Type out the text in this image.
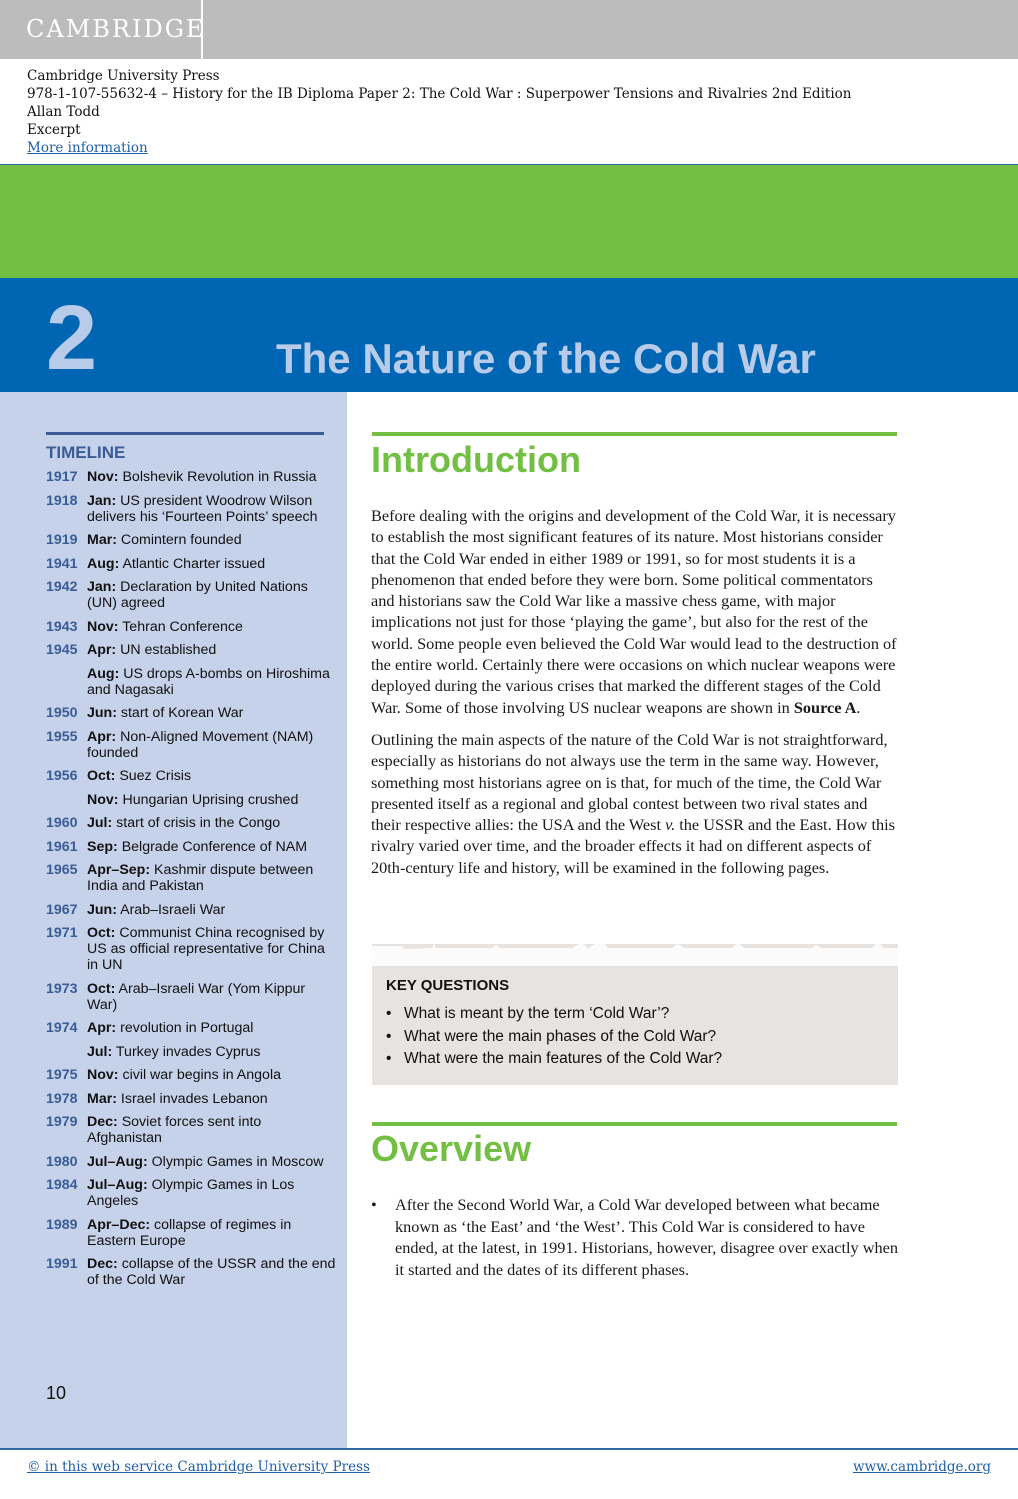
CAMBRIDGE
Cambridge University Press
978-1-107-55632-4 – History for the IB Diploma Paper 2: The Cold War : Superpower Tensions and Rivalries 2nd Edition
Allan Todd
Excerpt
More information
2	The Nature of the Cold War
TIMELINE
1917 Nov: Bolshevik Revolution in Russia
1918 Jan: US president Woodrow Wilson delivers his ‘Fourteen Points’ speech
1919 Mar: Comintern founded
1941 Aug: Atlantic Charter issued
1942 Jan: Declaration by United Nations (UN) agreed
1943 Nov: Tehran Conference
1945 Apr: UN established
Aug: US drops A-bombs on Hiroshima and Nagasaki
1950 Jun: start of Korean War
1955 Apr: Non-Aligned Movement (NAM) founded
1956 Oct: Suez Crisis
Nov: Hungarian Uprising crushed
1960 Jul: start of crisis in the Congo
1961 Sep: Belgrade Conference of NAM
1965 Apr–Sep: Kashmir dispute between India and Pakistan
1967 Jun: Arab–Israeli War
1971 Oct: Communist China recognised by US as official representative for China in UN
1973 Oct: Arab–Israeli War (Yom Kippur War)
1974 Apr: revolution in Portugal
Jul: Turkey invades Cyprus
1975 Nov: civil war begins in Angola
1978 Mar: Israel invades Lebanon
1979 Dec: Soviet forces sent into Afghanistan
1980 Jul–Aug: Olympic Games in Moscow
1984 Jul–Aug: Olympic Games in Los Angeles
1989 Apr–Dec: collapse of regimes in Eastern Europe
1991 Dec: collapse of the USSR and the end of the Cold War
10
Introduction

Before dealing with the origins and development of the Cold War, it is necessary to establish the most significant features of its nature. Most historians consider that the Cold War ended in either 1989 or 1991, so for most students it is a phenomenon that ended before they were born. Some political commentators and historians saw the Cold War like a massive chess game, with major implications not just for those ‘playing the game’, but also for the rest of the world. Some people even believed the Cold War would lead to the destruction of the entire world. Certainly there were occasions on which nuclear weapons were deployed during the various crises that marked the different stages of the Cold War. Some of those involving US nuclear weapons are shown in Source A.

Outlining the main aspects of the nature of the Cold War is not straightforward, especially as historians do not always use the term in the same way. However, something most historians agree on is that, for much of the time, the Cold War presented itself as a regional and global contest between two rival states and their respective allies: the USA and the West v. the USSR and the East. How this rivalry varied over time, and the broader effects it had on different aspects of 20th-century life and history, will be examined in the following pages.

KEY QUESTIONS
• What is meant by the term ‘Cold War’?
• What were the main phases of the Cold War?
• What were the main features of the Cold War?
Overview
• After the Second World War, a Cold War developed between what became known as ‘the East’ and ‘the West’. This Cold War is considered to have ended, at the latest, in 1991. Historians, however, disagree over exactly when it started and the dates of its different phases.
© in this web service Cambridge University Press	www.cambridge.org
